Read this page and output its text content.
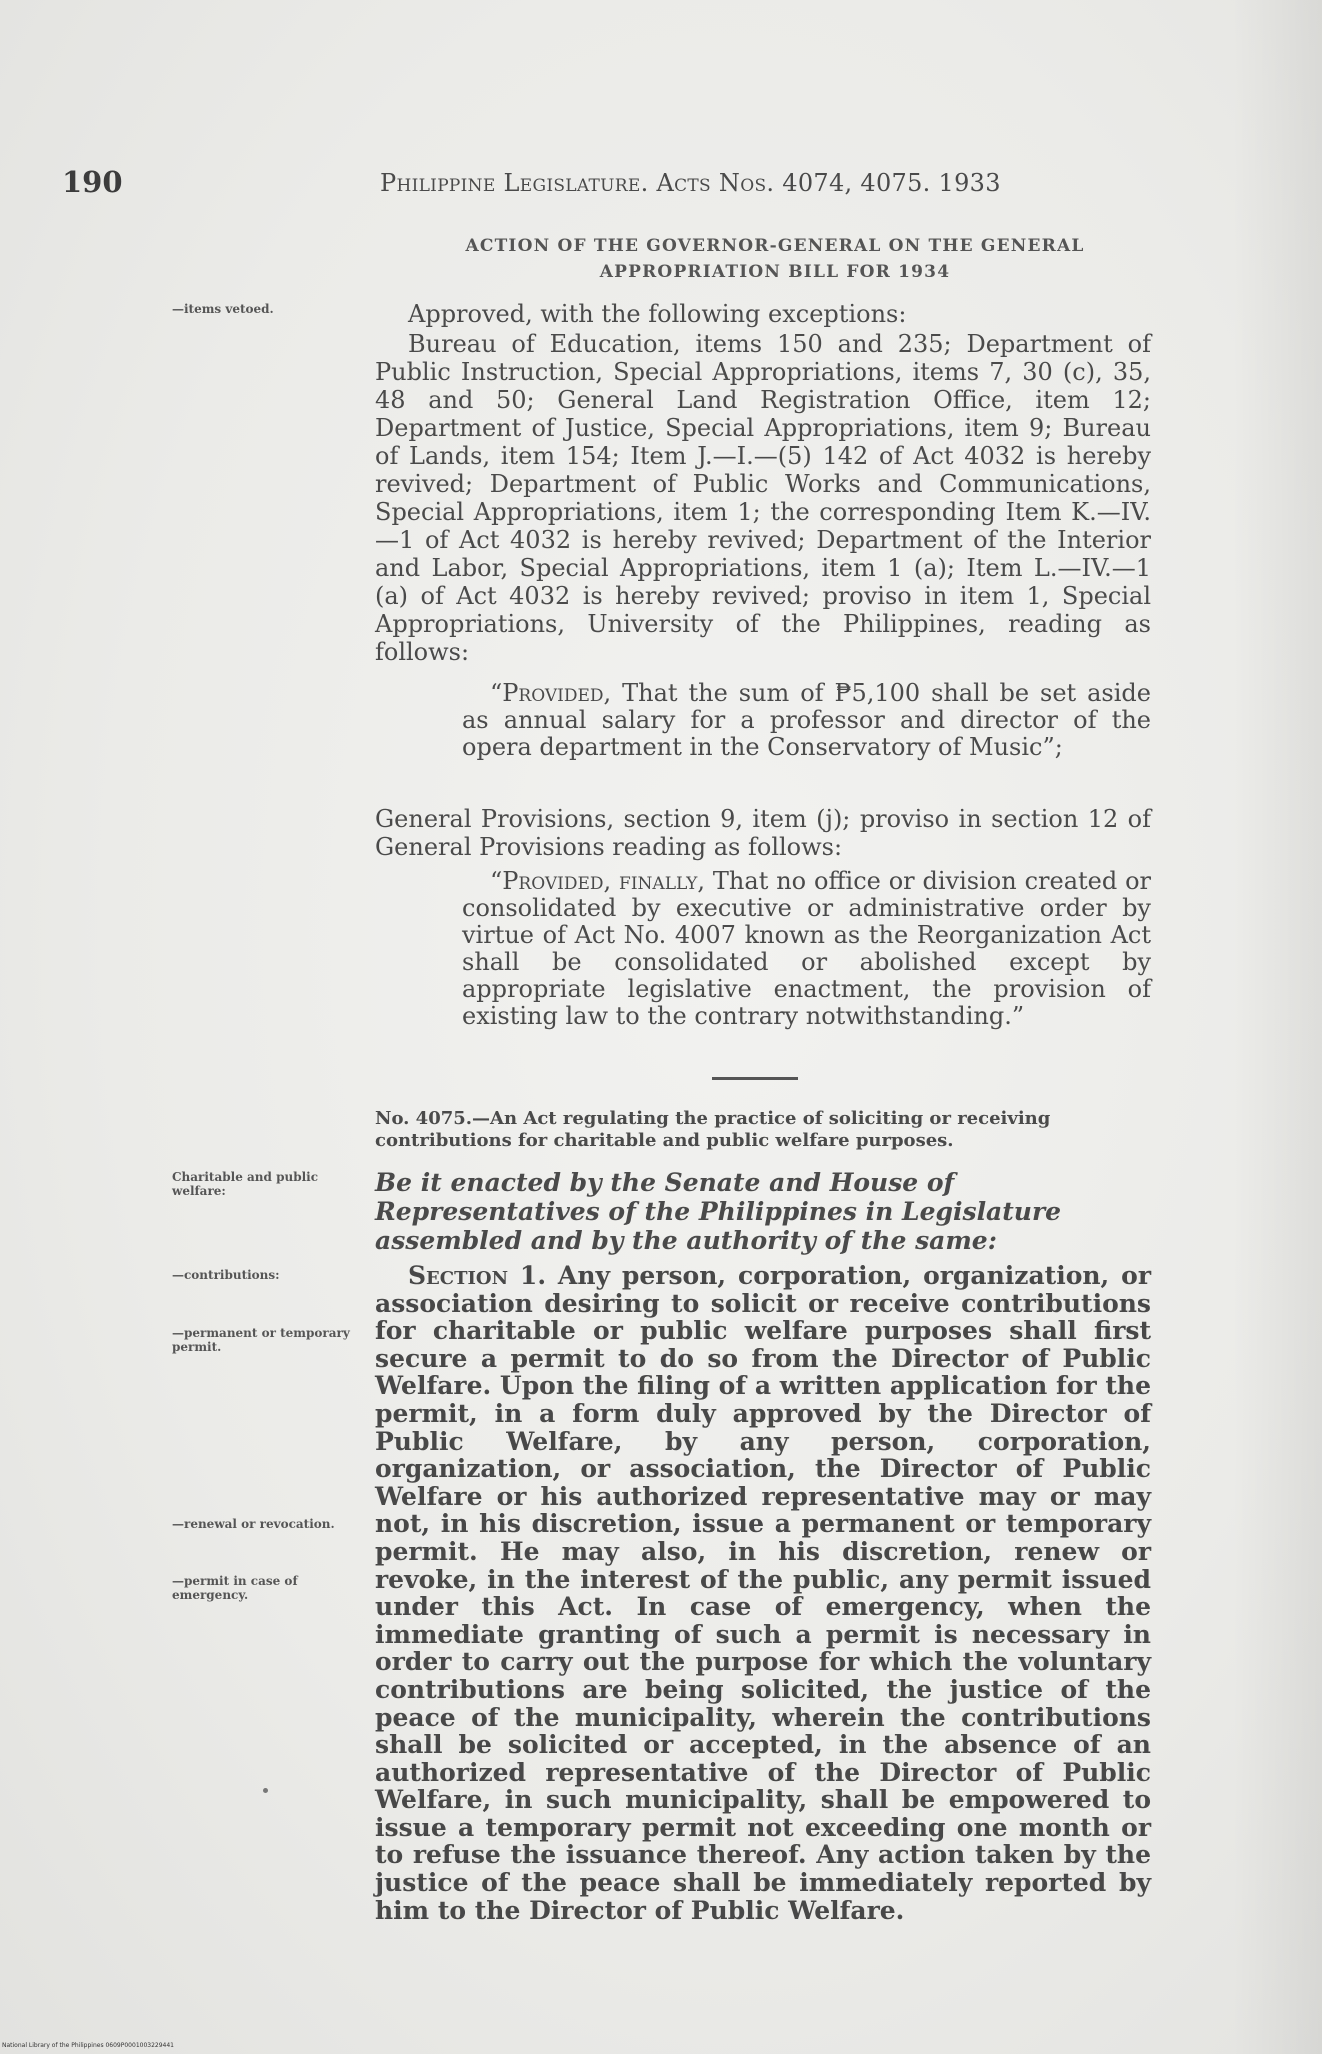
190	Philippine Legislature. Acts Nos. 4074, 4075. 1933
ACTION OF THE GOVERNOR-GENERAL ON THE GENERAL
APPROPRIATION BILL FOR 1934
—items vetoed.
Charitable and public welfare:
—contributions:
—permanent or temporary permit.
—renewal or revocation.
—permit in case of emergency.
Approved, with the following exceptions:
Bureau of Education, items 150 and 235; Department of Public Instruction, Special Appropriations, items 7, 30 (c), 35, 48 and 50; General Land Registration Office, item 12; Department of Justice, Special Appropriations, item 9; Bureau of Lands, item 154; Item J.—I.—(5) 142 of Act 4032 is hereby revived; Department of Public Works and Communications, Special Appropriations, item 1; the corresponding Item K.—IV.—1 of Act 4032 is hereby revived; Department of the Interior and Labor, Special Appropriations, item 1 (a); Item L.—IV.—1 (a) of Act 4032 is hereby revived; proviso in item 1, Special Appropriations, University of the Philippines, reading as follows:
“Provided, That the sum of ₱5,100 shall be set aside as annual salary for a professor and director of the opera department in the Conservatory of Music”;
General Provisions, section 9, item (j); proviso in section 12 of General Provisions reading as follows:
“Provided, finally, That no office or division created or consolidated by executive or administrative order by virtue of Act No. 4007 known as the Reorganization Act shall be consolidated or abolished except by appropriate legislative enactment, the provision of existing law to the contrary notwithstanding.”
No. 4075.—An Act regulating the practice of soliciting or receiving contributions for charitable and public welfare purposes.
Be it enacted by the Senate and House of Representatives of the Philippines in Legislature assembled and by the authority of the same:
Section 1. Any person, corporation, organization, or association desiring to solicit or receive contributions for charitable or public welfare purposes shall first secure a permit to do so from the Director of Public Welfare. Upon the filing of a written application for the permit, in a form duly approved by the Director of Public Welfare, by any person, corporation, organization, or association, the Director of Public Welfare or his authorized representative may or may not, in his discretion, issue a permanent or temporary permit. He may also, in his discretion, renew or revoke, in the interest of the public, any permit issued under this Act. In case of emergency, when the immediate granting of such a permit is necessary in order to carry out the purpose for which the voluntary contributions are being solicited, the justice of the peace of the municipality, wherein the contributions shall be solicited or accepted, in the absence of an authorized representative of the Director of Public Welfare, in such municipality, shall be empowered to issue a temporary permit not exceeding one month or to refuse the issuance thereof. Any action taken by the justice of the peace shall be immediately reported by him to the Director of Public Welfare.
National Library of the Philippines 0609P0001003229441
